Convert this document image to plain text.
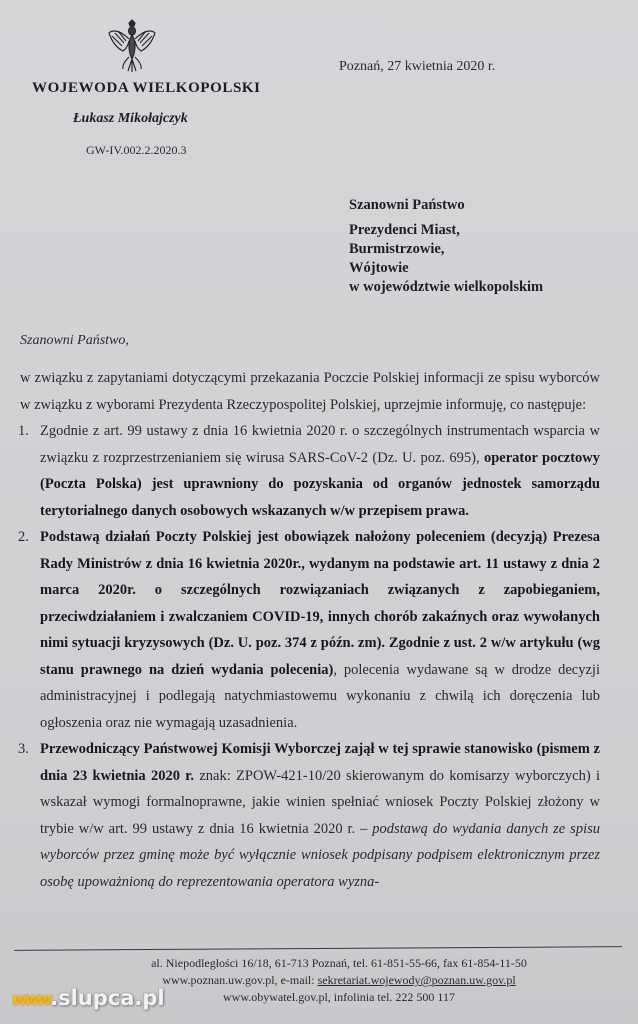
WOJEWODA WIELKOPOLSKI
Łukasz Mikołajczyk
GW-IV.002.2.2020.3
Poznań, 27 kwietnia 2020 r.
Szanowni Państwo
Prezydenci Miast,
Burmistrzowie,
Wójtowie
w województwie wielkopolskim
Szanowni Państwo,

w związku z zapytaniami dotyczącymi przekazania Poczcie Polskiej informacji ze spisu wyborców w związku z wyborami Prezydenta Rzeczypospolitej Polskiej, uprzejmie informuję, co następuje:

1. Zgodnie z art. 99 ustawy z dnia 16 kwietnia 2020 r. o szczególnych instrumentach wsparcia w związku z rozprzestrzenianiem się wirusa SARS-CoV-2 (Dz. U. poz. 695), operator pocztowy (Poczta Polska) jest uprawniony do pozyskania od organów jednostek samorządu terytorialnego danych osobowych wskazanych w/w przepisem prawa.
2. Podstawą działań Poczty Polskiej jest obowiązek nałożony poleceniem (decyzją) Prezesa Rady Ministrów z dnia 16 kwietnia 2020r., wydanym na podstawie art. 11 ustawy z dnia 2 marca 2020r. o szczególnych rozwiązaniach związanych z zapobieganiem, przeciwdziałaniem i zwalczaniem COVID-19, innych chorób zakaźnych oraz wywołanych nimi sytuacji kryzysowych (Dz. U. poz. 374 z późn. zm). Zgodnie z ust. 2 w/w artykułu (wg stanu prawnego na dzień wydania polecenia), polecenia wydawane są w drodze decyzji administracyjnej i podlegają natychmiastowemu wykonaniu z chwilą ich doręczenia lub ogłoszenia oraz nie wymagają uzasadnienia.
3. Przewodniczący Państwowej Komisji Wyborczej zajął w tej sprawie stanowisko (pismem z dnia 23 kwietnia 2020 r. znak: ZPOW-421-10/20 skierowanym do komisarzy wyborczych) i wskazał wymogi formalnoprawne, jakie winien spełniać wniosek Poczty Polskiej złożony w trybie w/w art. 99 ustawy z dnia 16 kwietnia 2020 r. – podstawą do wydania danych ze spisu wyborców przez gminę może być wyłącznie wniosek podpisany podpisem elektronicznym przez osobę upoważnioną do reprezentowania operatora wyzna-
al. Niepodległości 16/18, 61-713 Poznań, tel. 61-851-55-66, fax 61-854-11-50
www.poznan.uw.gov.pl, e-mail: sekretariat.wojewody@poznan.uw.gov.pl
www.obywatel.gov.pl, infolinia tel. 222 500 117
www.slupca.pl
